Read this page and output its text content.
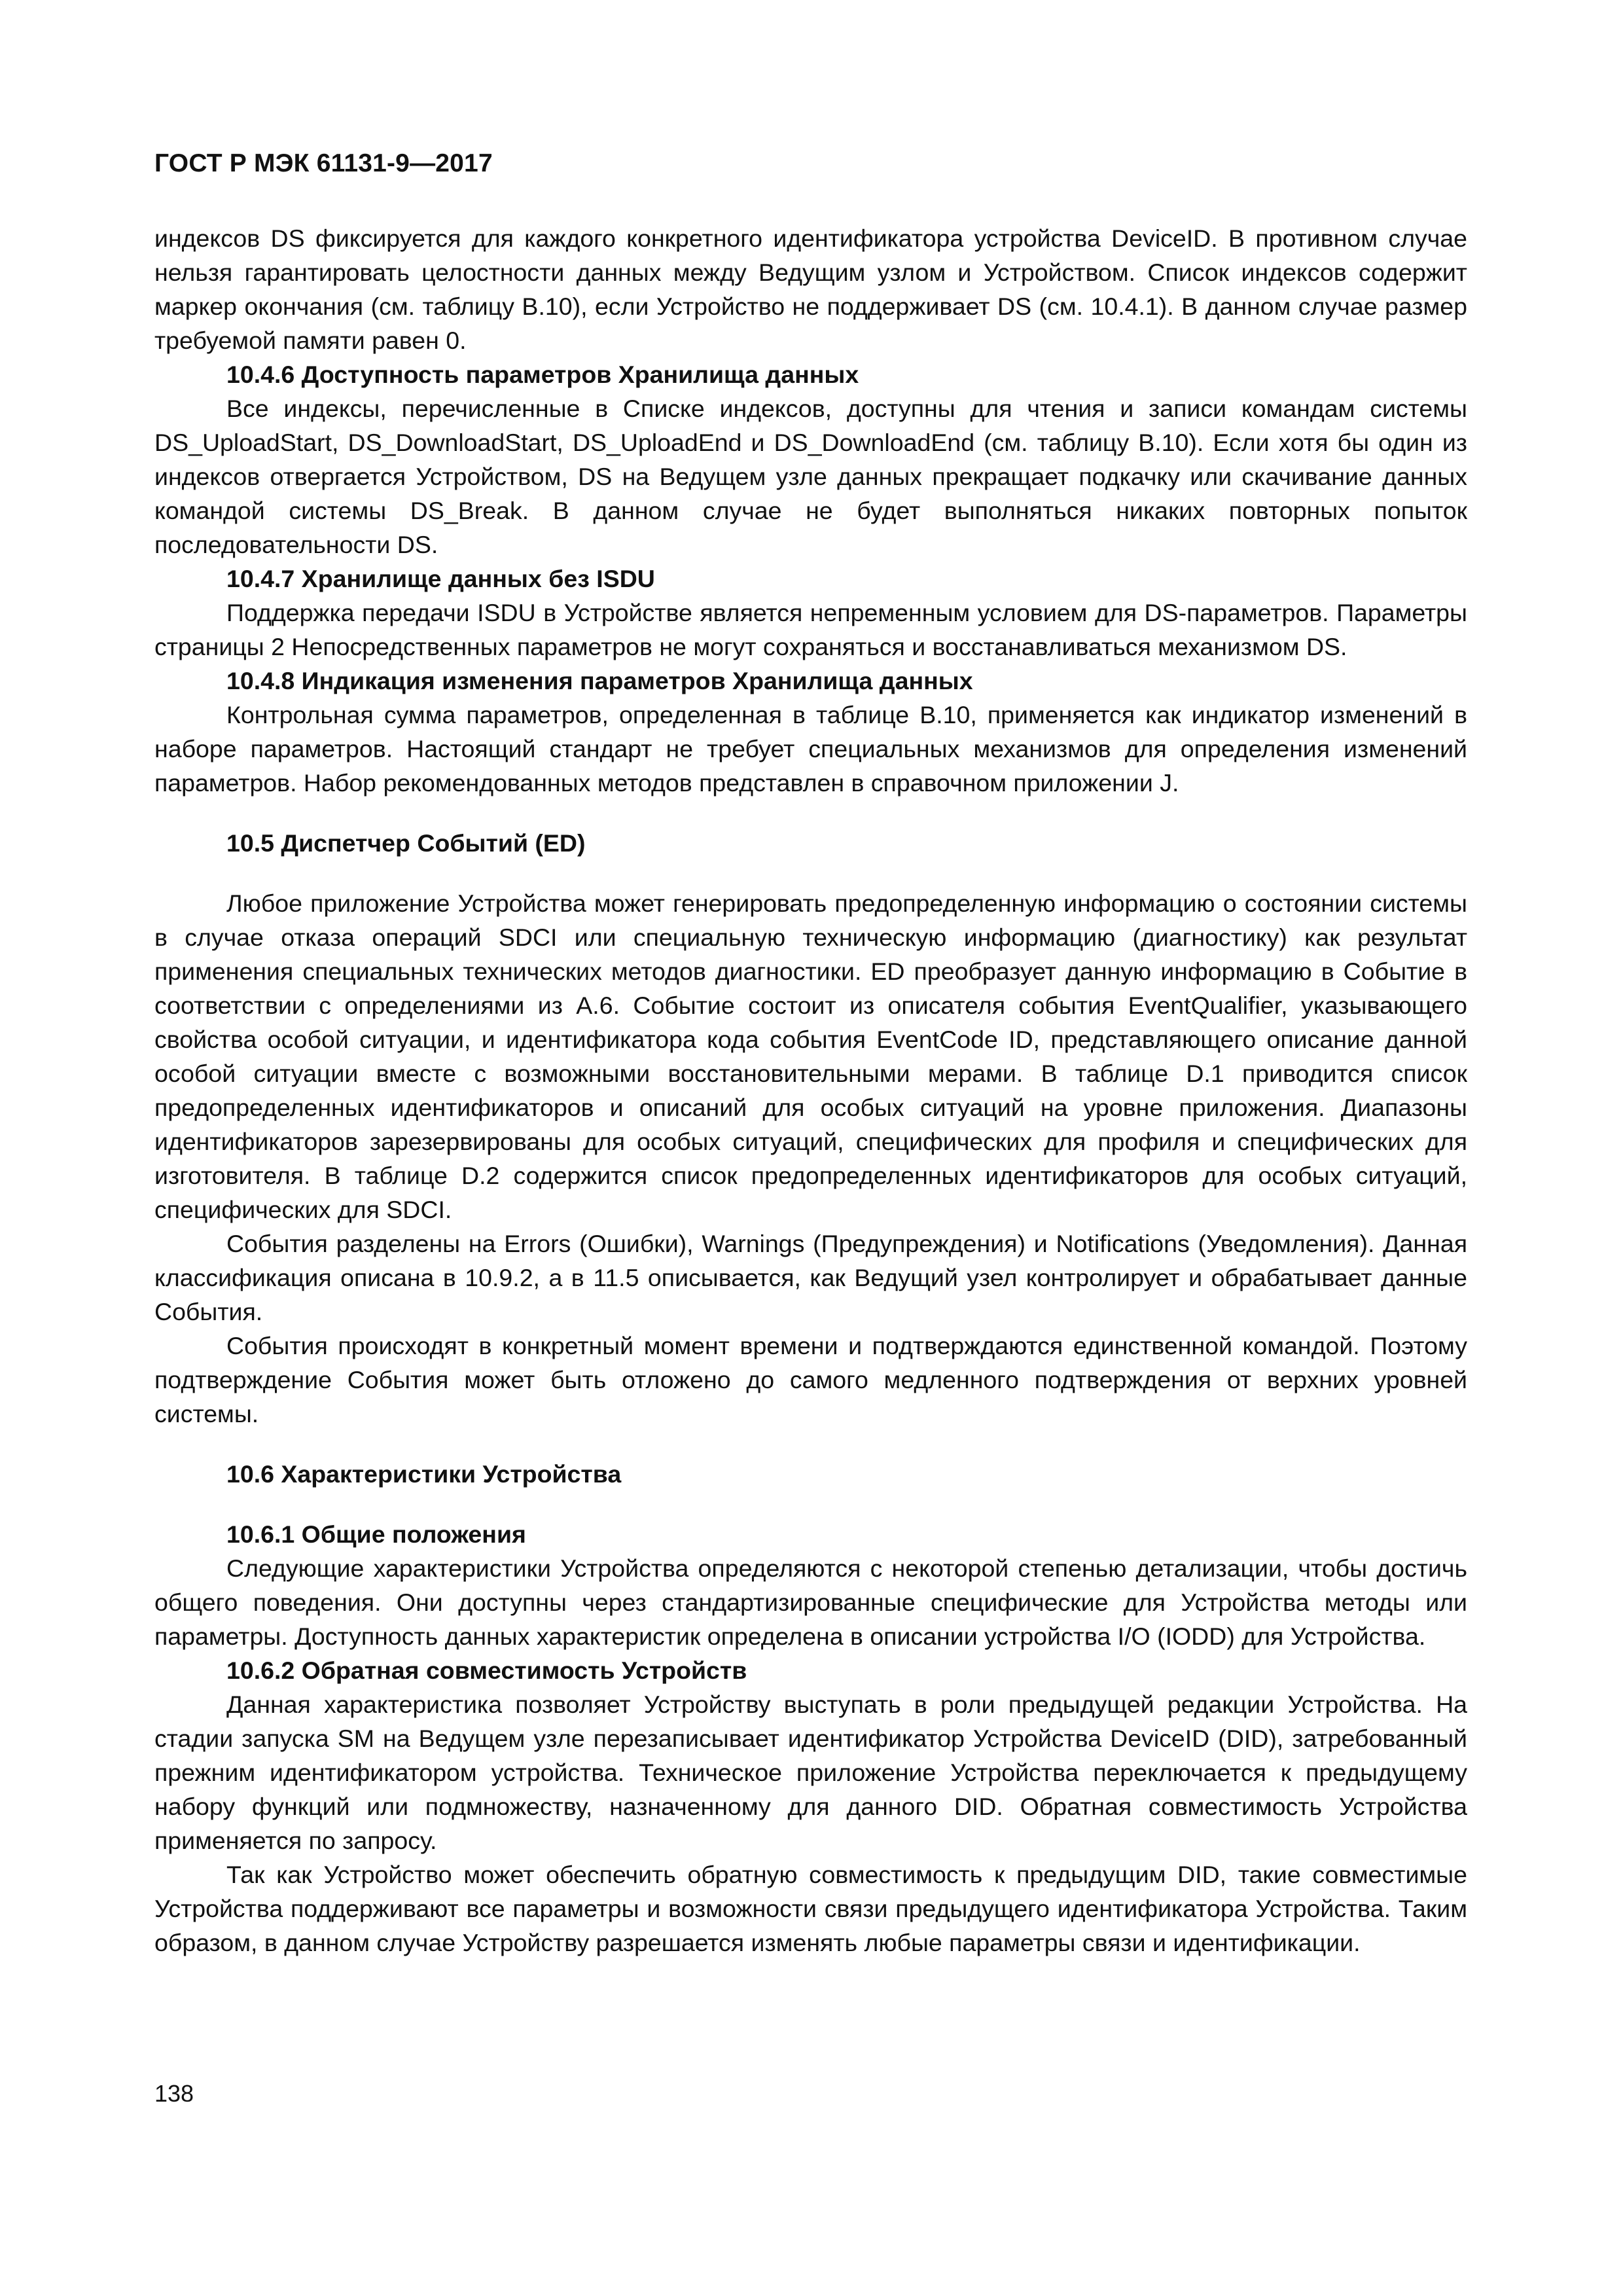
ГОСТ Р МЭК 61131-9—2017

индексов DS фиксируется для каждого конкретного идентификатора устройства DeviceID. В противном случае нельзя гарантировать целостности данных между Ведущим узлом и Устройством. Список индексов содержит маркер окончания (см. таблицу B.10), если Устройство не поддерживает DS (см. 10.4.1). В данном случае размер требуемой памяти равен 0.

10.4.6 Доступность параметров Хранилища данных

Все индексы, перечисленные в Списке индексов, доступны для чтения и записи командам системы DS_UploadStart, DS_DownloadStart, DS_UploadEnd и DS_DownloadEnd (см. таблицу B.10). Если хотя бы один из индексов отвергается Устройством, DS на Ведущем узле данных прекращает подкачку или скачивание данных командой системы DS_Break. В данном случае не будет выполняться никаких повторных попыток последовательности DS.

10.4.7 Хранилище данных без ISDU

Поддержка передачи ISDU в Устройстве является непременным условием для DS-параметров. Параметры страницы 2 Непосредственных параметров не могут сохраняться и восстанавливаться механизмом DS.

10.4.8 Индикация изменения параметров Хранилища данных

Контрольная сумма параметров, определенная в таблице B.10, применяется как индикатор изменений в наборе параметров. Настоящий стандарт не требует специальных механизмов для определения изменений параметров. Набор рекомендованных методов представлен в справочном приложении J.

10.5 Диспетчер Событий (ED)

Любое приложение Устройства может генерировать предопределенную информацию о состоянии системы в случае отказа операций SDCI или специальную техническую информацию (диагностику) как результат применения специальных технических методов диагностики. ED преобразует данную информацию в Событие в соответствии с определениями из А.6. Событие состоит из описателя события EventQualifier, указывающего свойства особой ситуации, и идентификатора кода события EventCode ID, представляющего описание данной особой ситуации вместе с возможными восстановительными мерами. В таблице D.1 приводится список предопределенных идентификаторов и описаний для особых ситуаций на уровне приложения. Диапазоны идентификаторов зарезервированы для особых ситуаций, специфических для профиля и специфических для изготовителя. В таблице D.2 содержится список предопределенных идентификаторов для особых ситуаций, специфических для SDCI.

События разделены на Errors (Ошибки), Warnings (Предупреждения) и Notifications (Уведомления). Данная классификация описана в 10.9.2, а в 11.5 описывается, как Ведущий узел контролирует и обрабатывает данные События.

События происходят в конкретный момент времени и подтверждаются единственной командой. Поэтому подтверждение События может быть отложено до самого медленного подтверждения от верхних уровней системы.

10.6 Характеристики Устройства
10.6.1 Общие положения

Следующие характеристики Устройства определяются с некоторой степенью детализации, чтобы достичь общего поведения. Они доступны через стандартизированные специфические для Устройства методы или параметры. Доступность данных характеристик определена в описании устройства I/O (IODD) для Устройства.

10.6.2 Обратная совместимость Устройств

Данная характеристика позволяет Устройству выступать в роли предыдущей редакции Устройства. На стадии запуска SM на Ведущем узле перезаписывает идентификатор Устройства DeviceID (DID), затребованный прежним идентификатором устройства. Техническое приложение Устройства переключается к предыдущему набору функций или подмножеству, назначенному для данного DID. Обратная совместимость Устройства применяется по запросу.

Так как Устройство может обеспечить обратную совместимость к предыдущим DID, такие совместимые Устройства поддерживают все параметры и возможности связи предыдущего идентификатора Устройства. Таким образом, в данном случае Устройству разрешается изменять любые параметры связи и идентификации.

138
